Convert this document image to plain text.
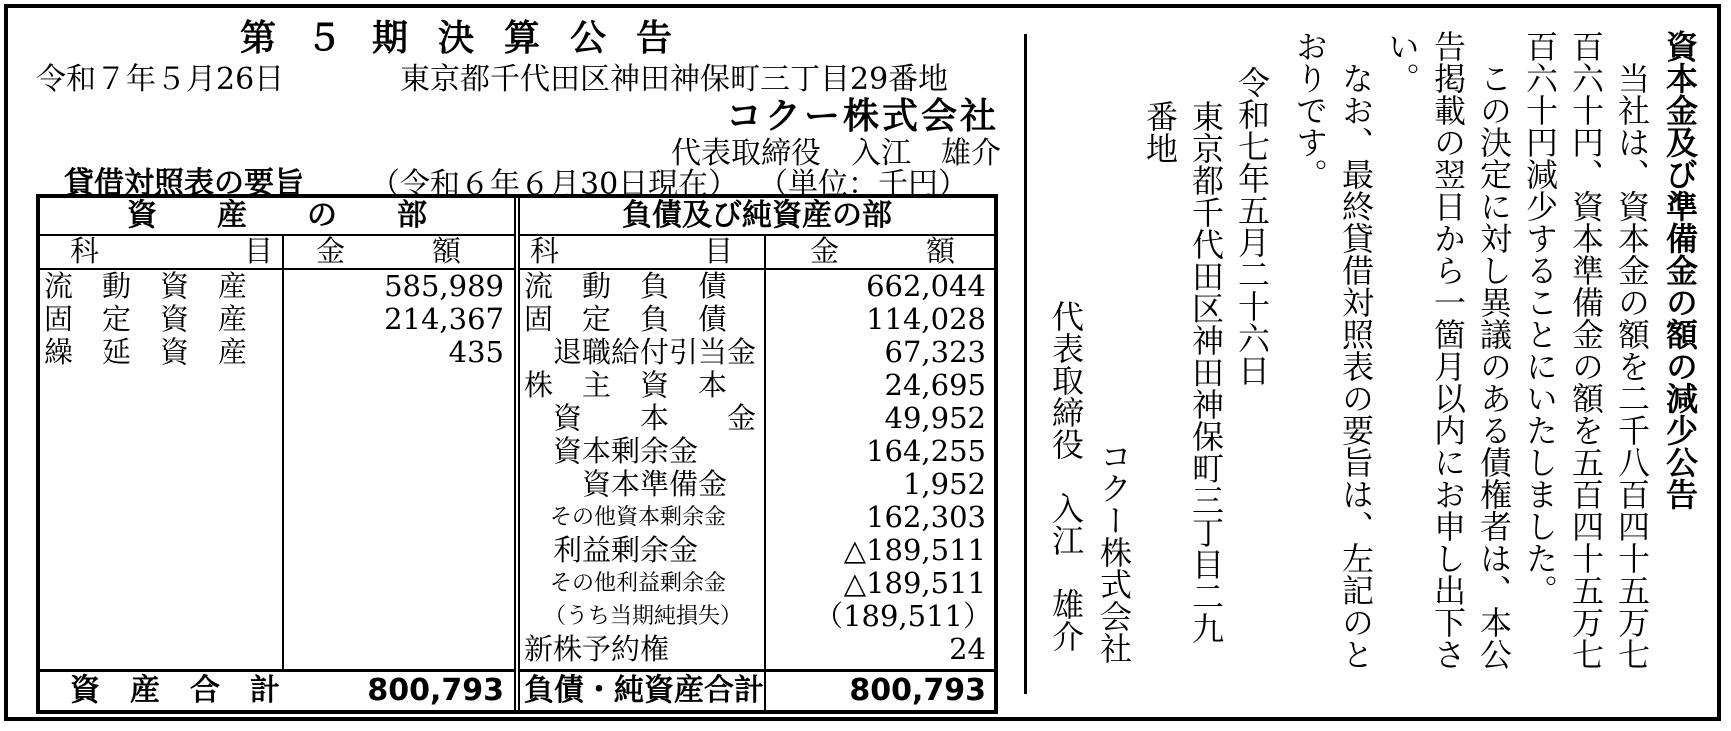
第５期決算公告
令和７年５月26日	東京都千代田区神田神保町三丁目29番地
コクー株式会社
代表取締役　入江　雄介
貸借対照表の要旨 （令和６年６月30日現在） （単位：千円）
資　　産　　の　　部
科　　　　　目 金　　　額
流　動　資　産	585,989
固　定　資　産	214,367
繰　延　資　産	435
資　産　合　計	800,793
負債及び純資産の部
科　　　　　目	金　　　額
流　動　負　債	662,044
固　定　負　債	114,028
　退職給付引当金	67,323
株　主　資　本	24,695
　資　　本　　金	49,952
　資本剰余金	164,255
　　資本準備金	1,952
その他資本剰余金	162,303
　利益剰余金	△189,511
その他利益剰余金	△189,511
（うち当期純損失） （189,511）
新株予約権	24
負債・純資産合計	800,793
資本金及び準備金の額の減少公告
　当社は、資本金の額を二千八百四十五万七
百六十円、資本準備金の額を五百四十五万七
百六十円減少することにいたしました。
　この決定に対し異議のある債権者は、本公
告掲載の翌日から一箇月以内にお申し出下さ
い。
　なお、最終貸借対照表の要旨は、左記のと
おりです。
令和七年五月二十六日
東京都千代田区神田神保町三丁目二九
番地
コクー株式会社
代表取締役　入江　雄介
